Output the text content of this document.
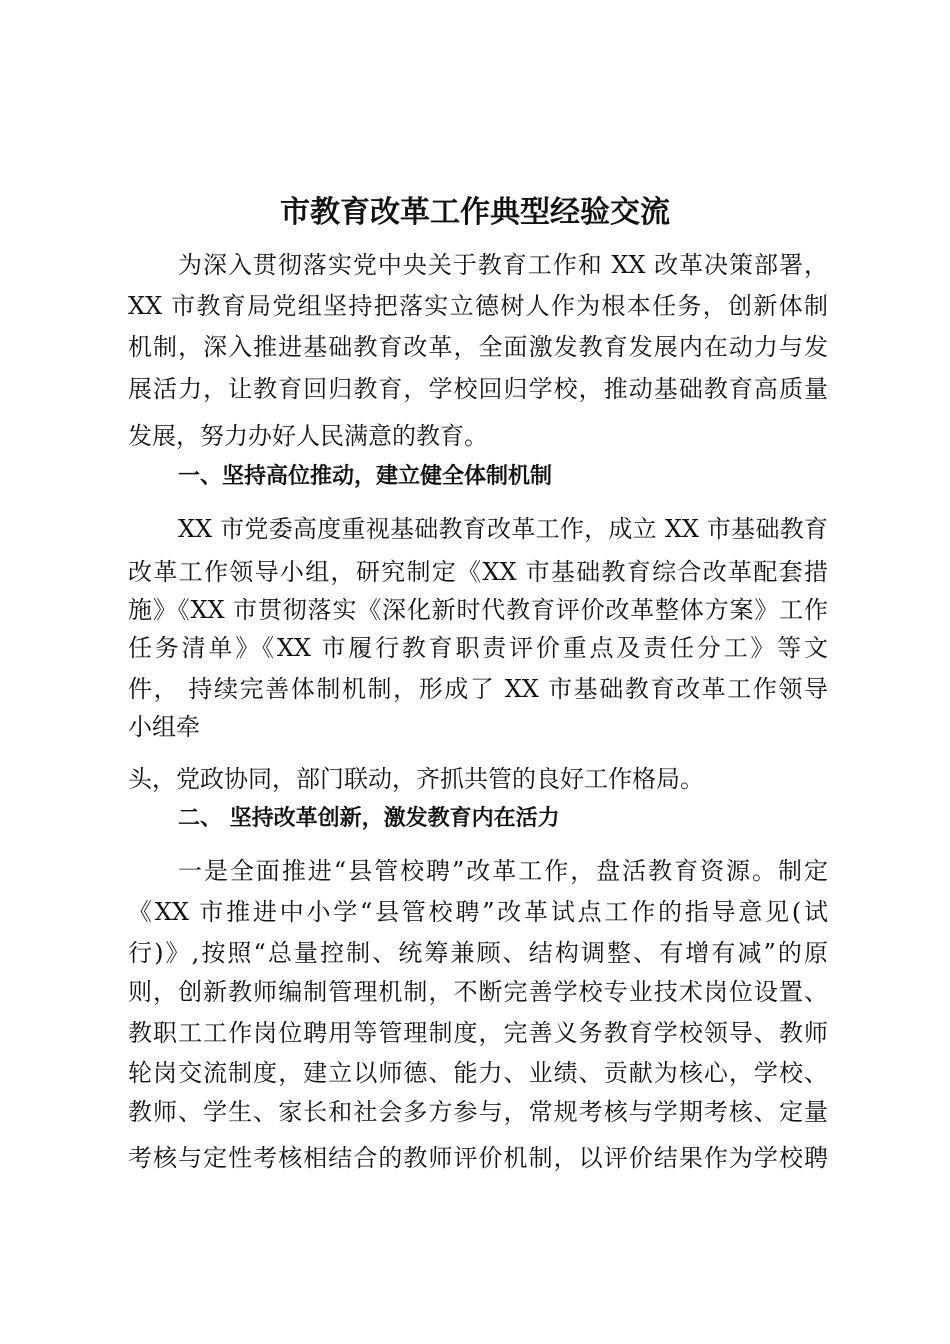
市教育改革工作典型经验交流

为深入贯彻落实党中央关于教育工作和 XX 改革决策部署，

XX 市教育局党组坚持把落实立德树人作为根本任务，创新体制

机制，深入推进基础教育改革，全面激发教育发展内在动力与发

展活力，让教育回归教育，学校回归学校，推动基础教育高质量

发展，努力办好人民满意的教育。

一、坚持高位推动，建立健全体制机制

XX 市党委高度重视基础教育改革工作，成立 XX 市基础教育

改革工作领导小组，研究制定《XX 市基础教育综合改革配套措

施》《XX 市贯彻落实《深化新时代教育评价改革整体方案》工作

任务清单》《XX 市履行教育职责评价重点及责任分工》等文

件， 持续完善体制机制，形成了 XX 市基础教育改革工作领导

小组牵

头，党政协同，部门联动，齐抓共管的良好工作格局。

二、 坚持改革创新，激发教育内在活力

一是全面推进“县管校聘”改革工作，盘活教育资源。制定

《XX 市推进中小学“县管校聘”改革试点工作的指导意见(试

行)》,按照“总量控制、统筹兼顾、结构调整、有增有减”的原

则，创新教师编制管理机制，不断完善学校专业技术岗位设置、

教职工工作岗位聘用等管理制度，完善义务教育学校领导、教师

轮岗交流制度，建立以师德、能力、业绩、贡献为核心，学校、

教师、学生、家长和社会多方参与，常规考核与学期考核、定量

考核与定性考核相结合的教师评价机制，以评价结果作为学校聘
